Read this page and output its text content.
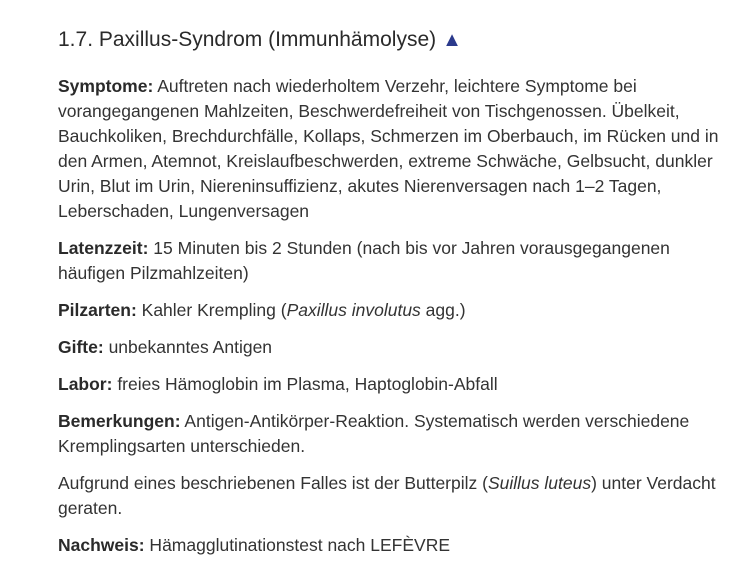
1.7. Paxillus-Syndrom (Immunhämolyse) ▲

Symptome: Auftreten nach wiederholtem Verzehr, leichtere Symptome bei vorangegangenen Mahlzeiten, Beschwerdefreiheit von Tischgenossen. Übelkeit, Bauchkoliken, Brechdurchfälle, Kollaps, Schmerzen im Oberbauch, im Rücken und in den Armen, Atemnot, Kreislaufbeschwerden, extreme Schwäche, Gelbsucht, dunkler Urin, Blut im Urin, Niereninsuffizienz, akutes Nierenversagen nach 1–2 Tagen, Leberschaden, Lungenversagen

Latenzzeit: 15 Minuten bis 2 Stunden (nach bis vor Jahren vorausgegangenen häufigen Pilzmahlzeiten)

Pilzarten: Kahler Krempling (Paxillus involutus agg.)

Gifte: unbekanntes Antigen

Labor: freies Hämoglobin im Plasma, Haptoglobin-Abfall

Bemerkungen: Antigen-Antikörper-Reaktion. Systematisch werden verschiedene Kremplingsarten unterschieden.

Aufgrund eines beschriebenen Falles ist der Butterpilz (Suillus luteus) unter Verdacht geraten.

Nachweis: Hämagglutinationstest nach LEFÈVRE
